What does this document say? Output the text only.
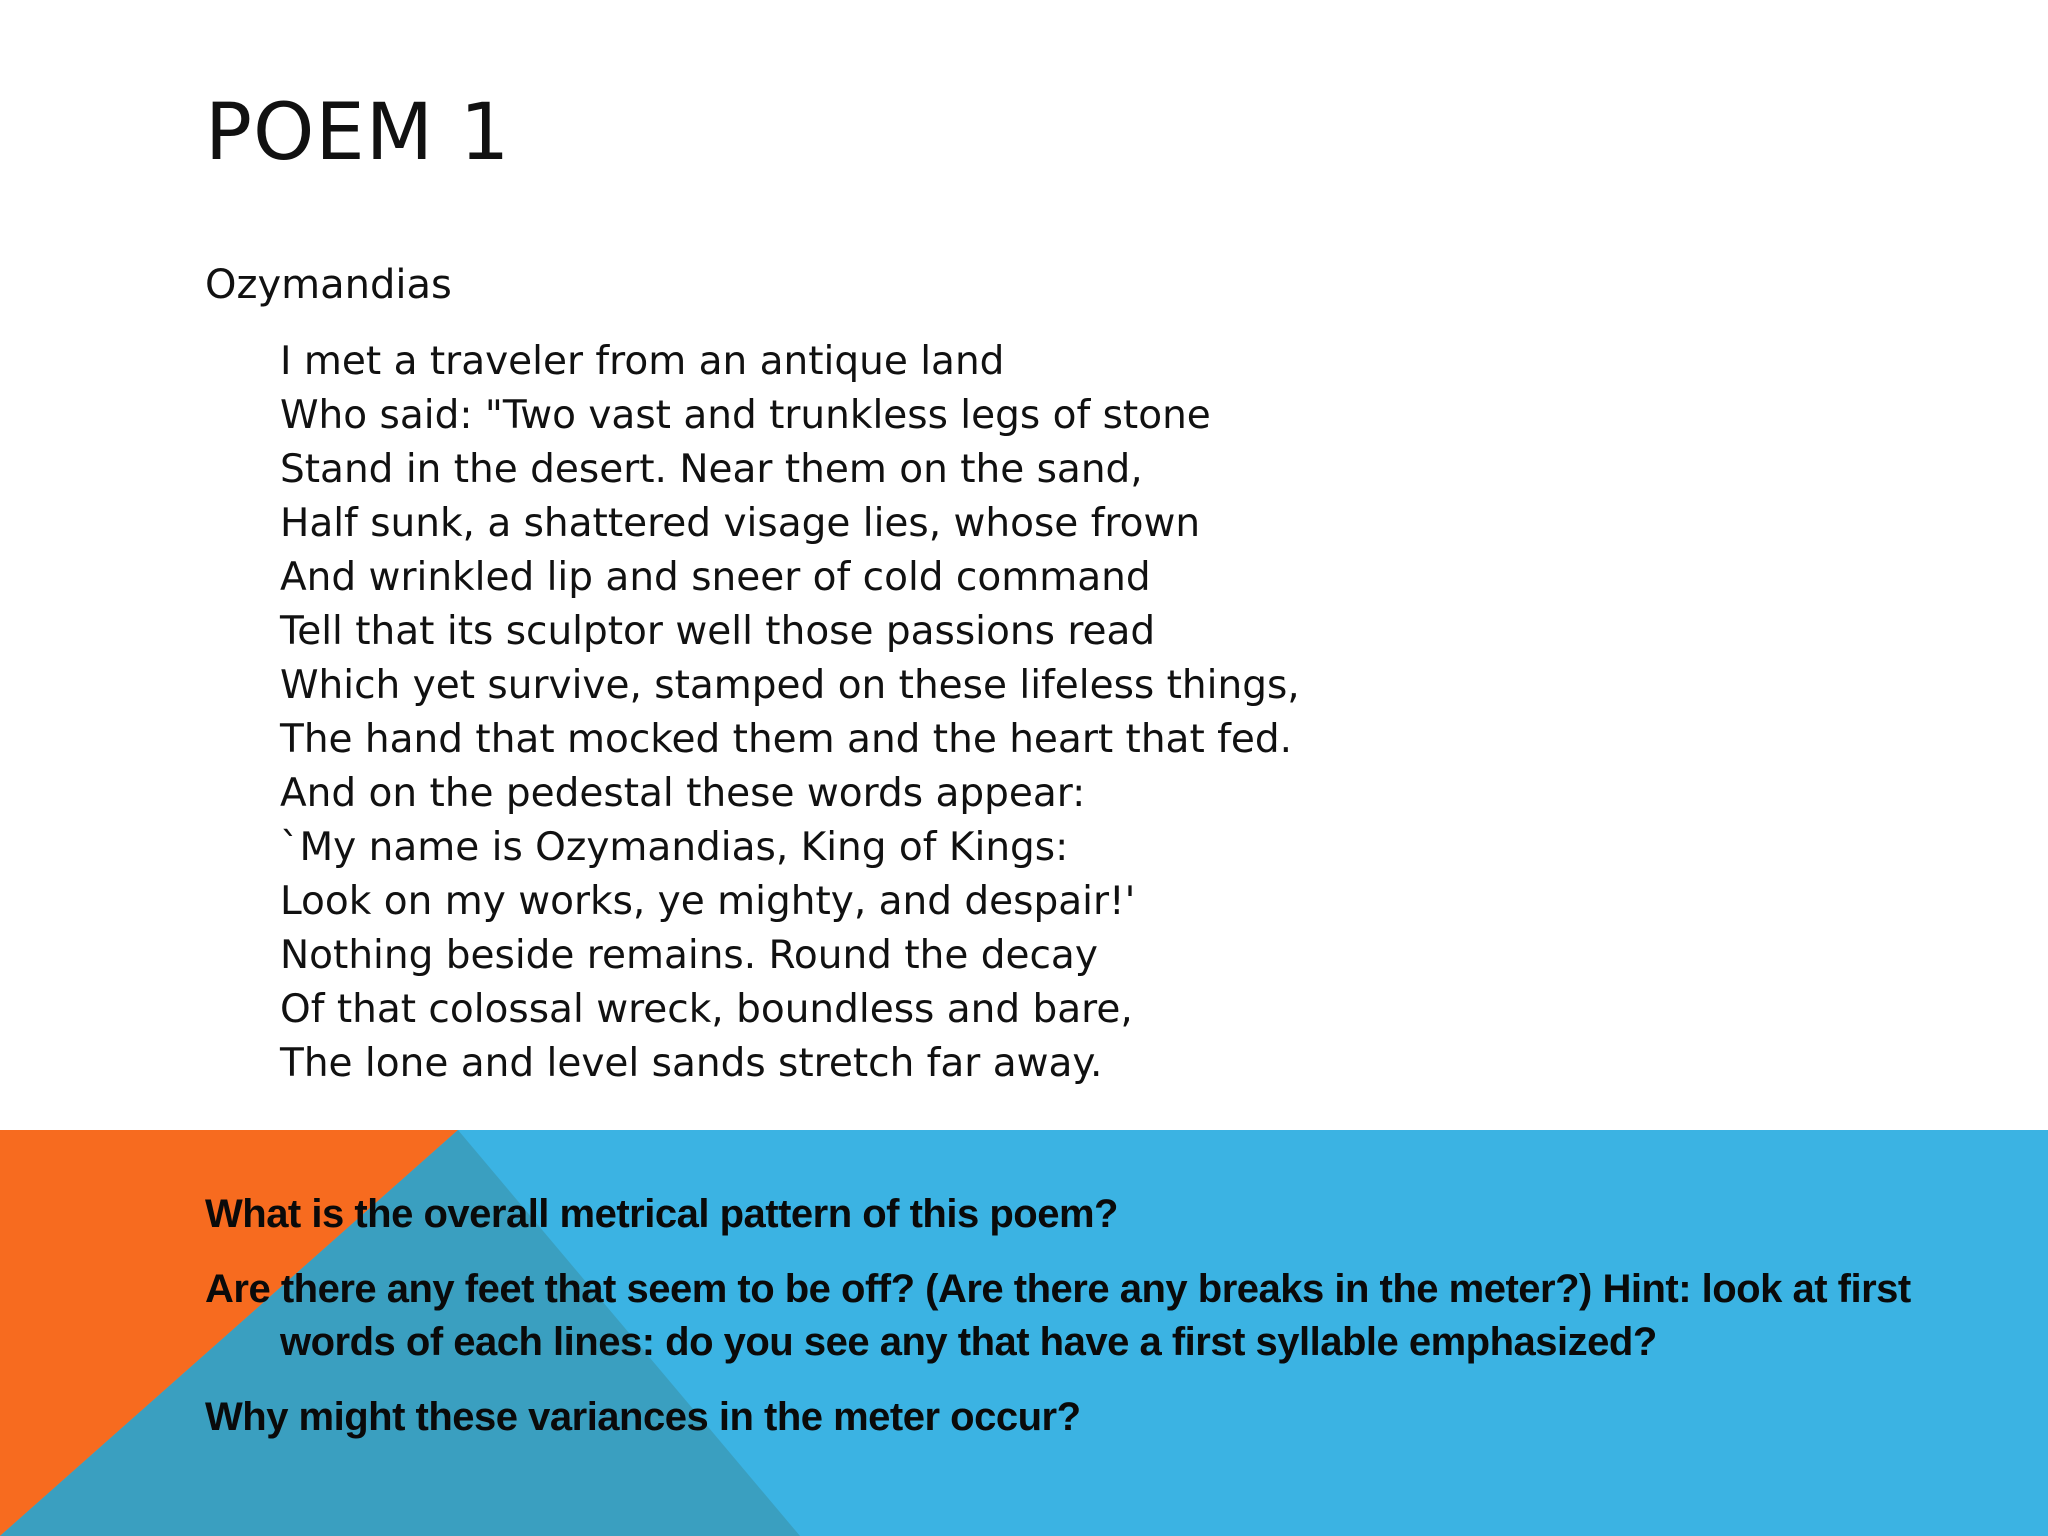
POEM 1
Ozymandias
I met a traveler from an antique land
Who said: "Two vast and trunkless legs of stone
Stand in the desert. Near them on the sand,
Half sunk, a shattered visage lies, whose frown
And wrinkled lip and sneer of cold command
Tell that its sculptor well those passions read
Which yet survive, stamped on these lifeless things,
The hand that mocked them and the heart that fed.
And on the pedestal these words appear:
`My name is Ozymandias, King of Kings:
Look on my works, ye mighty, and despair!'
Nothing beside remains. Round the decay
Of that colossal wreck, boundless and bare,
The lone and level sands stretch far away.
What is the overall metrical pattern of this poem?
Are there any feet that seem to be off? (Are there any breaks in the meter?) Hint: look at first words of each lines: do you see any that have a first syllable emphasized?
Why might these variances in the meter occur?
